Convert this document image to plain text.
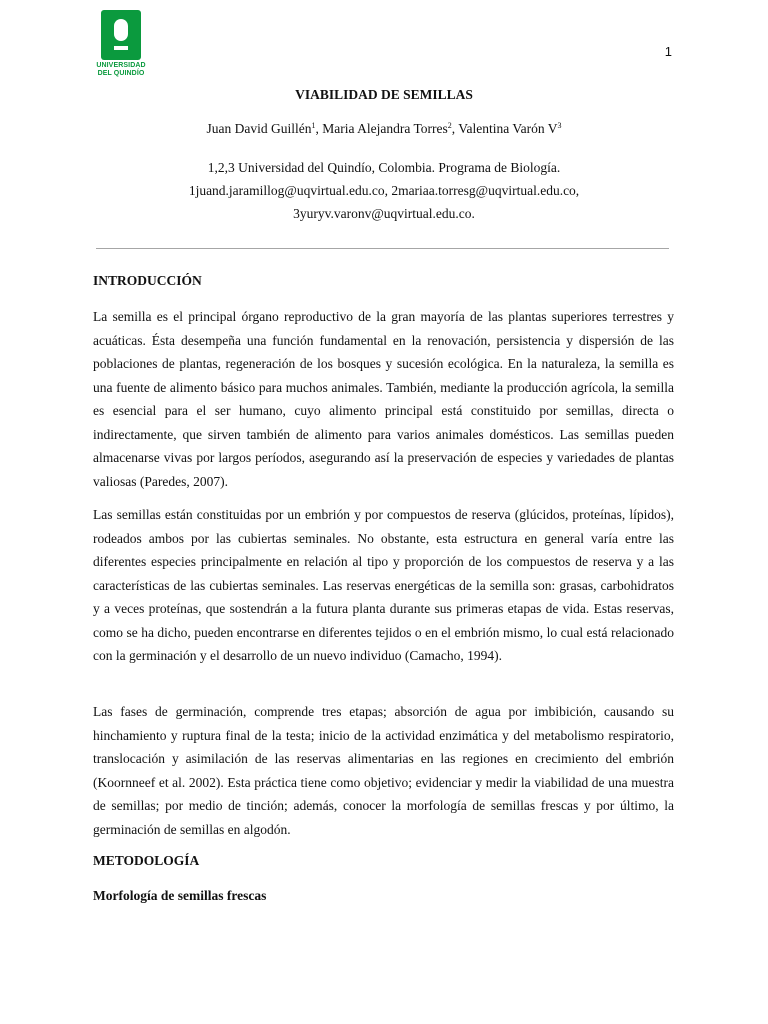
UNIVERSIDAD
DEL QUINDÍO
1
VIABILIDAD DE SEMILLAS
Juan David Guillén$^1$, Maria Alejandra Torres$^2$, Valentina Varón $V^3$
1,2,3 Universidad del Quindío, Colombia. Programa de Biología.
1juand.jaramillog@uqvirtual.edu.co, 2mariaa.torresg@uqvirtual.edu.co,
3yuryv.varonv@uqvirtual.edu.co.
INTRODUCCIÓN

La semilla es el principal órgano reproductivo de la gran mayoría de las plantas superiores terrestres y acuáticas. Ésta desempeña una función fundamental en la renovación, persistencia y dispersión de las poblaciones de plantas, regeneración de los bosques y sucesión ecológica. En la naturaleza, la semilla es una fuente de alimento básico para muchos animales. También, mediante la producción agrícola, la semilla es esencial para el ser humano, cuyo alimento principal está constituido por semillas, directa o indirectamente, que sirven también de alimento para varios animales domésticos. Las semillas pueden almacenarse vivas por largos períodos, asegurando así la preservación de especies y variedades de plantas valiosas (Paredes, 2007).

Las semillas están constituidas por un embrión y por compuestos de reserva (glúcidos, proteínas, lípidos), rodeados ambos por las cubiertas seminales. No obstante, esta estructura en general varía entre las diferentes especies principalmente en relación al tipo y proporción de los compuestos de reserva y a las características de las cubiertas seminales. Las reservas energéticas de la semilla son: grasas, carbohidratos y a veces proteínas, que sostendrán a la futura planta durante sus primeras etapas de vida. Estas reservas, como se ha dicho, pueden encontrarse en diferentes tejidos o en el embrión mismo, lo cual está relacionado con la germinación y el desarrollo de un nuevo individuo (Camacho, 1994).

Las fases de germinación, comprende tres etapas; absorción de agua por imbibición, causando su hinchamiento y ruptura final de la testa; inicio de la actividad enzimática y del metabolismo respiratorio, translocación y asimilación de las reservas alimentarias en las regiones en crecimiento del embrión (Koornneef et al. 2002). Esta práctica tiene como objetivo; evidenciar y medir la viabilidad de una muestra de semillas; por medio de tinción; además, conocer la morfología de semillas frescas y por último, la germinación de semillas en algodón.

METODOLOGÍA
Morfología de semillas frescas
